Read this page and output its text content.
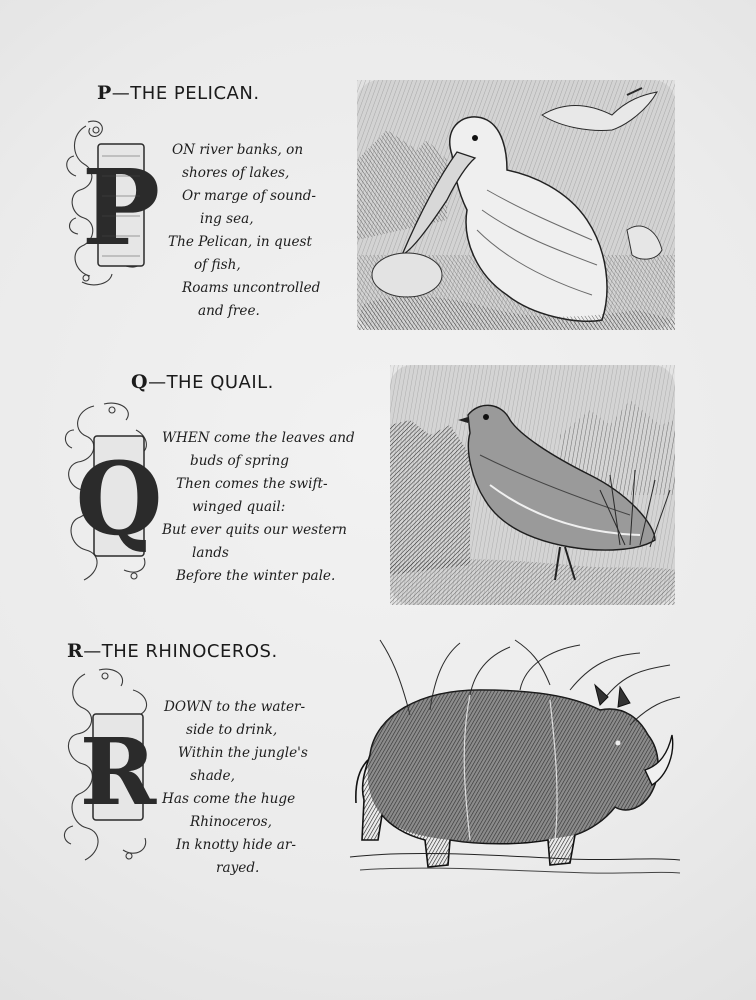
P—THE PELICAN.
P ON river banks, on
shores of lakes,
Or marge of sound-
ing sea,
The Pelican, in quest
of fish,
Roams uncontrolled
and free.
Q—THE QUAIL.
Q
WHEN come the leaves and
buds of spring
Then comes the swift-
winged quail:
But ever quits our western
lands
Before the winter pale.
R—THE RHINOCEROS.
R
DOWN to the water-
side to drink,
Within the jungle's
shade,
Has come the huge
Rhinoceros,
In knotty hide ar-
rayed.
